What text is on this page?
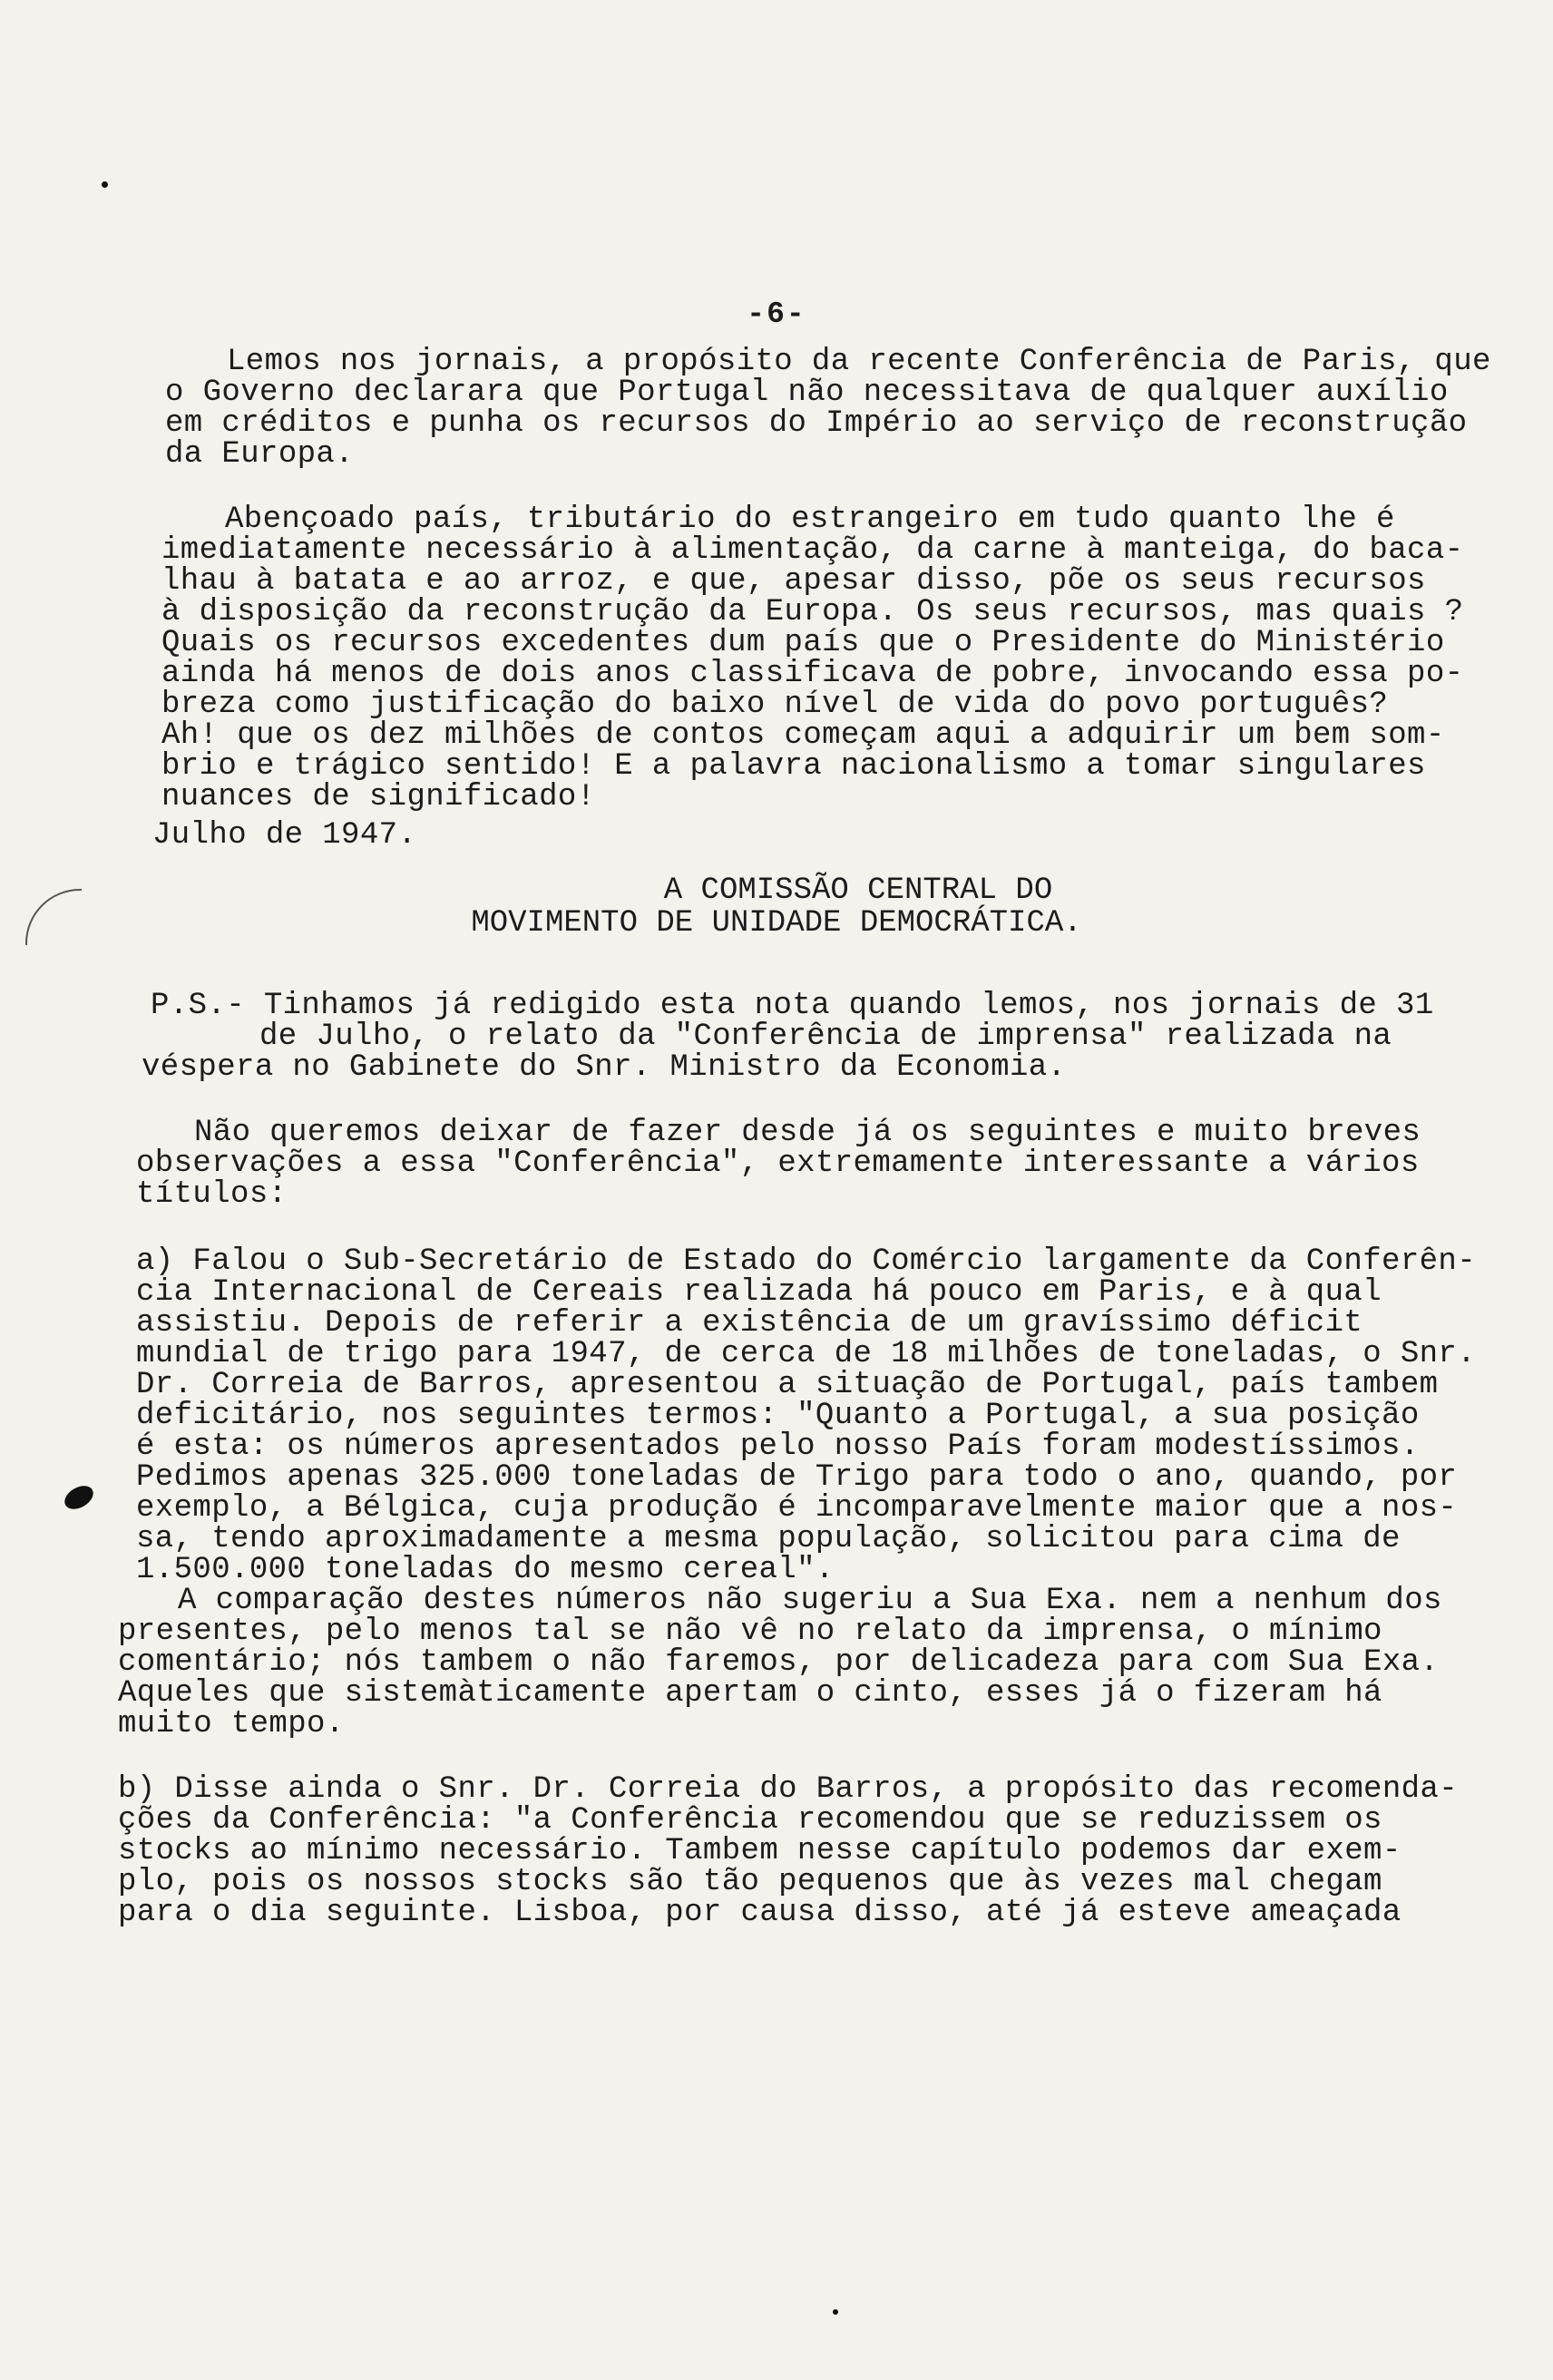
-6-
Lemos nos jornais, a propósito da recente Conferência de Paris, que
o Governo declarara que Portugal não necessitava de qualquer auxílio
em créditos e punha os recursos do Império ao serviço de reconstrução
da Europa.
Abençoado país, tributário do estrangeiro em tudo quanto lhe é
imediatamente necessário à alimentação, da carne à manteiga, do baca-
lhau à batata e ao arroz, e que, apesar disso, põe os seus recursos
à disposição da reconstrução da Europa. Os seus recursos, mas quais ?
Quais os recursos excedentes dum país que o Presidente do Ministério
ainda há menos de dois anos classificava de pobre, invocando essa po-
breza como justificação do baixo nível de vida do povo português?
Ah! que os dez milhões de contos começam aqui a adquirir um bem som-
brio e trágico sentido! E a palavra nacionalismo a tomar singulares
nuances de significado!
Julho de 1947.
A COMISSÃO CENTRAL DO
MOVIMENTO DE UNIDADE DEMOCRÁTICA.
P.S.- Tinhamos já redigido esta nota quando lemos, nos jornais de 31
de Julho, o relato da "Conferência de imprensa" realizada na
véspera no Gabinete do Snr. Ministro da Economia.
Não queremos deixar de fazer desde já os seguintes e muito breves
observações a essa "Conferência", extremamente interessante a vários
títulos:
a) Falou o Sub-Secretário de Estado do Comércio largamente da Conferên-
cia Internacional de Cereais realizada há pouco em Paris, e à qual
assistiu. Depois de referir a existência de um gravíssimo déficit
mundial de trigo para 1947, de cerca de 18 milhões de toneladas, o Snr.
Dr. Correia de Barros, apresentou a situação de Portugal, país tambem
deficitário, nos seguintes termos: "Quanto a Portugal, a sua posição
é esta: os números apresentados pelo nosso País foram modestíssimos.
Pedimos apenas 325.000 toneladas de Trigo para todo o ano, quando, por
exemplo, a Bélgica, cuja produção é incomparavelmente maior que a nos-
sa, tendo aproximadamente a mesma população, solicitou para cima de
1.500.000 toneladas do mesmo cereal".
A comparação destes números não sugeriu a Sua Exa. nem a nenhum dos
presentes, pelo menos tal se não vê no relato da imprensa, o mínimo
comentário; nós tambem o não faremos, por delicadeza para com Sua Exa.
Aqueles que sistemàticamente apertam o cinto, esses já o fizeram há
muito tempo.
b) Disse ainda o Snr. Dr. Correia do Barros, a propósito das recomenda-
ções da Conferência: "a Conferência recomendou que se reduzissem os
stocks ao mínimo necessário. Tambem nesse capítulo podemos dar exem-
plo, pois os nossos stocks são tão pequenos que às vezes mal chegam
para o dia seguinte. Lisboa, por causa disso, até já esteve ameaçada
